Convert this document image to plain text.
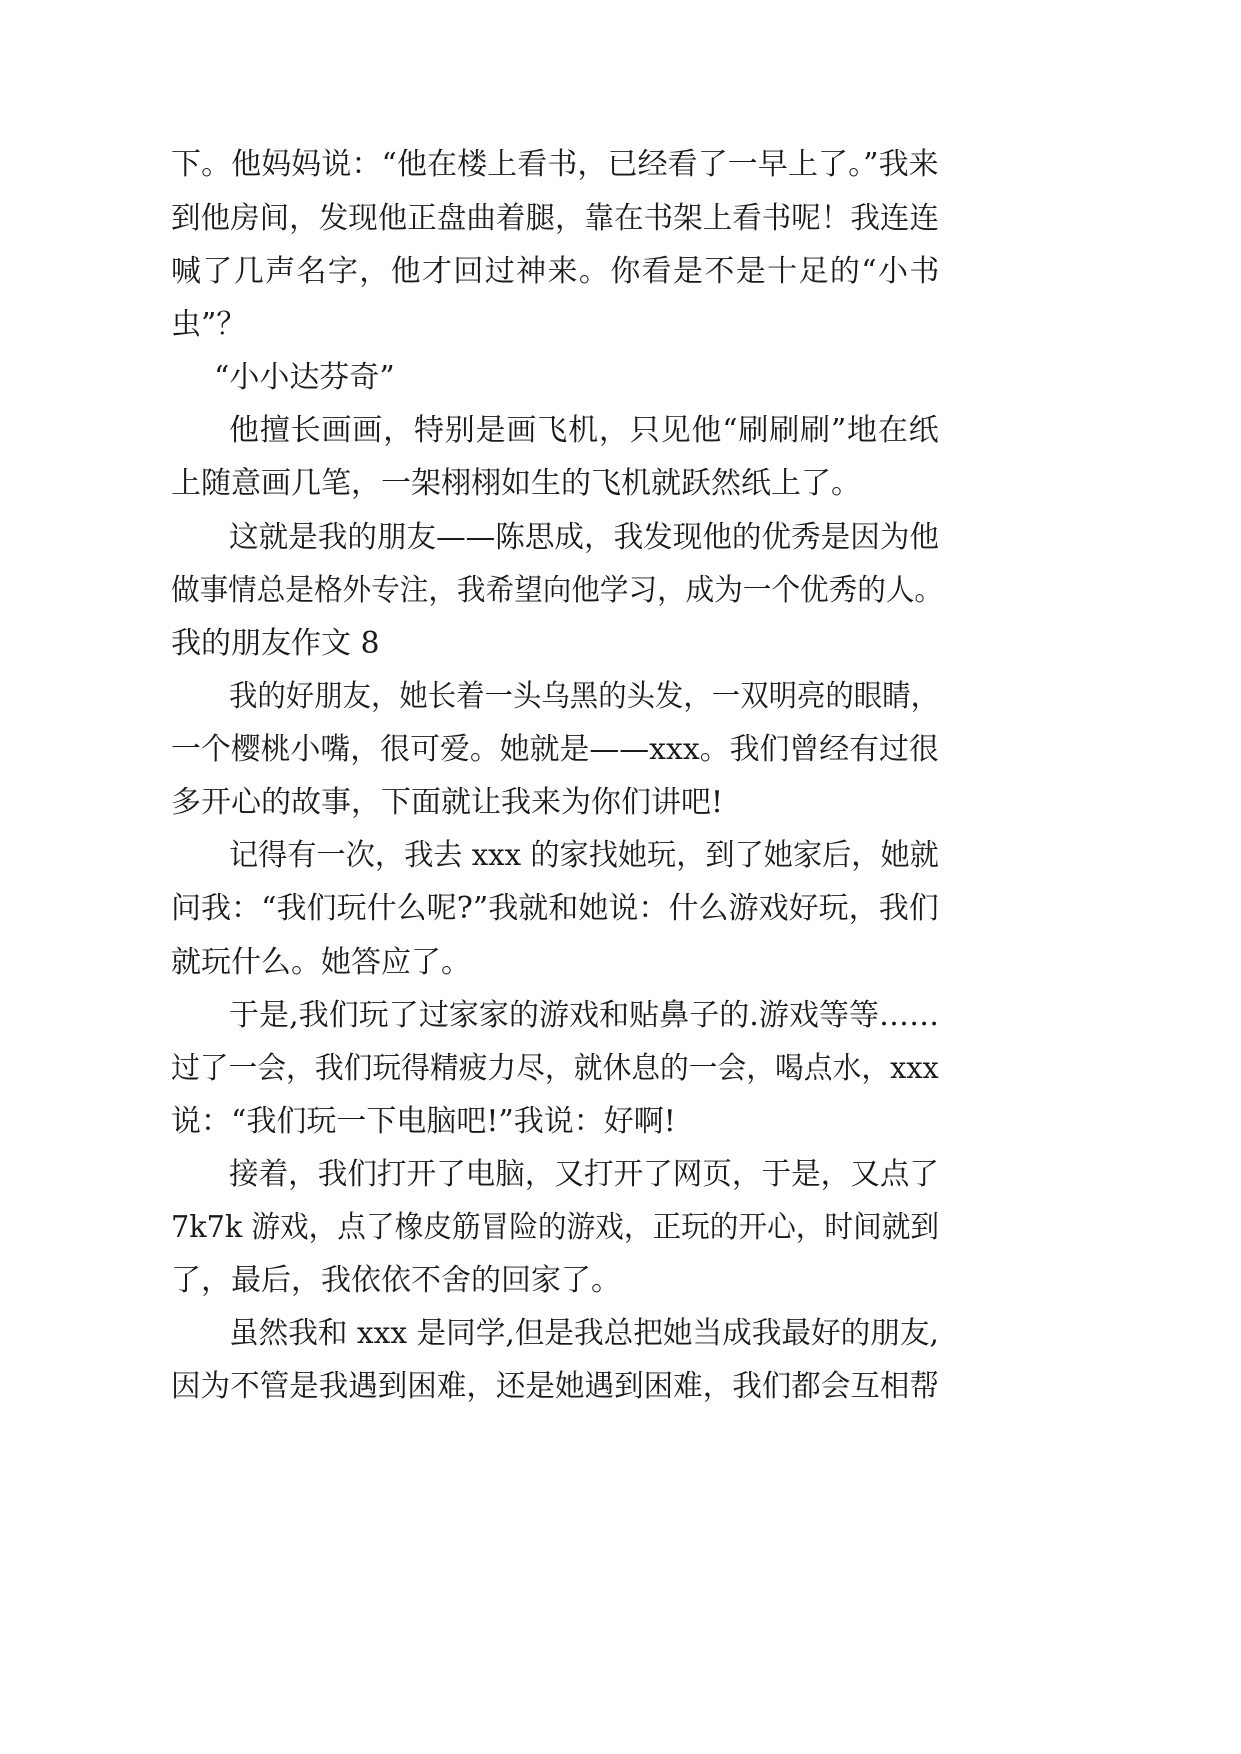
下。他妈妈说：“他在楼上看书，已经看了一早上了。”我来
到他房间，发现他正盘曲着腿，靠在书架上看书呢！我连连
喊了几声名字，他才回过神来。你看是不是十足的“小书
虫”？
“小小达芬奇”
他擅长画画，特别是画飞机，只见他“刷刷刷”地在纸
上随意画几笔，一架栩栩如生的飞机就跃然纸上了。
这就是我的朋友——陈思成，我发现他的优秀是因为他
做事情总是格外专注，我希望向他学习，成为一个优秀的人。
我的朋友作文 8
我的好朋友，她长着一头乌黑的头发，一双明亮的眼睛，
一个樱桃小嘴，很可爱。她就是——xxx。我们曾经有过很
多开心的故事，下面就让我来为你们讲吧!
记得有一次，我去 xxx 的家找她玩，到了她家后，她就
问我：“我们玩什么呢?”我就和她说：什么游戏好玩，我们
就玩什么。她答应了。
于是,我们玩了过家家的游戏和贴鼻子的.游戏等等……
过了一会，我们玩得精疲力尽，就休息的一会，喝点水，xxx
说：“我们玩一下电脑吧!”我说：好啊!
接着，我们打开了电脑，又打开了网页，于是，又点了
7k7k 游戏，点了橡皮筋冒险的游戏，正玩的开心，时间就到
了，最后，我依依不舍的回家了。
虽然我和 xxx 是同学,但是我总把她当成我最好的朋友,
因为不管是我遇到困难，还是她遇到困难，我们都会互相帮
